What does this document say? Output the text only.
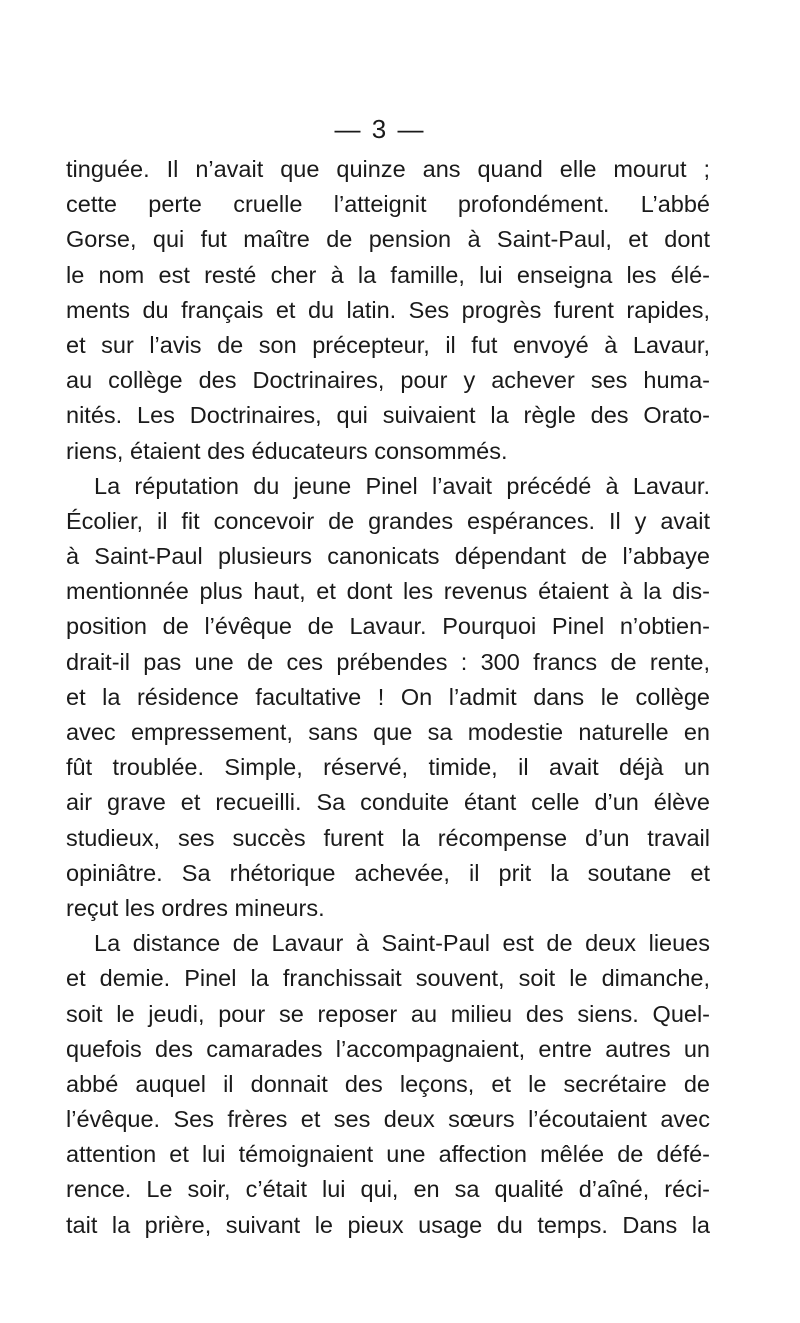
— 3 —
tinguée. Il n’avait que quinze ans quand elle mourut ;
cette perte cruelle l’atteignit profondément. L’abbé
Gorse, qui fut maître de pension à Saint-Paul, et dont
le nom est resté cher à la famille, lui enseigna les élé-
ments du français et du latin. Ses progrès furent rapides,
et sur l’avis de son précepteur, il fut envoyé à Lavaur,
au collège des Doctrinaires, pour y achever ses huma-
nités. Les Doctrinaires, qui suivaient la règle des Orato-
riens, étaient des éducateurs consommés.
La réputation du jeune Pinel l’avait précédé à Lavaur.
Écolier, il fit concevoir de grandes espérances. Il y avait
à Saint-Paul plusieurs canonicats dépendant de l’abbaye
mentionnée plus haut, et dont les revenus étaient à la dis-
position de l’évêque de Lavaur. Pourquoi Pinel n’obtien-
drait-il pas une de ces prébendes : 300 francs de rente,
et la résidence facultative ! On l’admit dans le collège
avec empressement, sans que sa modestie naturelle en
fût troublée. Simple, réservé, timide, il avait déjà un
air grave et recueilli. Sa conduite étant celle d’un élève
studieux, ses succès furent la récompense d’un travail
opiniâtre. Sa rhétorique achevée, il prit la soutane et
reçut les ordres mineurs.
La distance de Lavaur à Saint-Paul est de deux lieues
et demie. Pinel la franchissait souvent, soit le dimanche,
soit le jeudi, pour se reposer au milieu des siens. Quel-
quefois des camarades l’accompagnaient, entre autres un
abbé auquel il donnait des leçons, et le secrétaire de
l’évêque. Ses frères et ses deux sœurs l’écoutaient avec
attention et lui témoignaient une affection mêlée de défé-
rence. Le soir, c’était lui qui, en sa qualité d’aîné, réci-
tait la prière, suivant le pieux usage du temps. Dans la
